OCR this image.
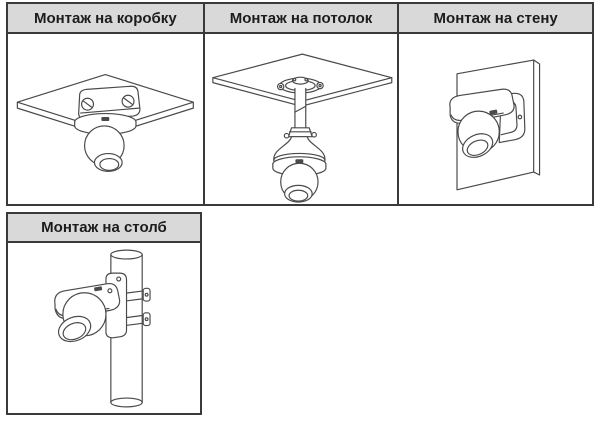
Монтаж на коробку	Монтаж на потолок	Монтаж на стену
Монтаж на столб
